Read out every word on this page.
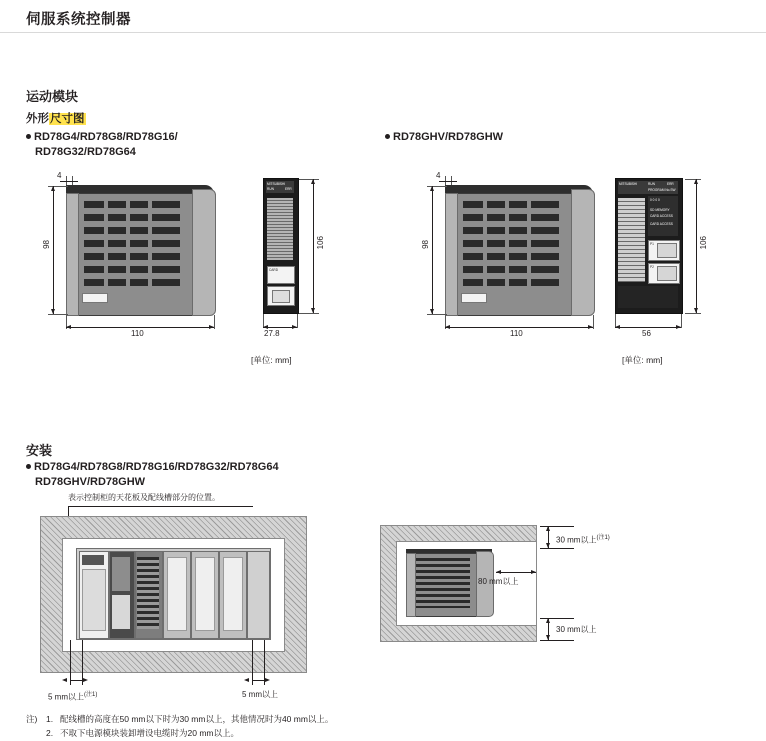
伺服系统控制器
运动模块
外形尺寸图
RD78G4/RD78G8/RD78G16/
RD78G32/RD78G64
RD78GHV/RD78GHW
4
98
110
MITSUBISHI
RUN	ERR
CARD
106
27.8
[单位: mm]
4
98
110
MITSUBISHI	RUN	ERR
PROGRAM No.SW
0 0 0 0
SD MEMORY
CARD ACCESS
CARD ACCESS
P1
P2
106
56
[单位: mm]
安装
RD78G4/RD78G8/RD78G16/RD78G32/RD78G64
RD78GHV/RD78GHW
表示控制柜的天花板及配线槽部分的位置。
5 mm以上$^{(注1)}$	5 mm以上
30 mm以上$^{(注1)}$
80 mm以上
30 mm以上
注) 1. 配线槽的高度在50 mm以下时为30 mm以上，其他情况时为40 mm以上。
2. 不取下电源模块装卸增设电缆时为20 mm以上。
